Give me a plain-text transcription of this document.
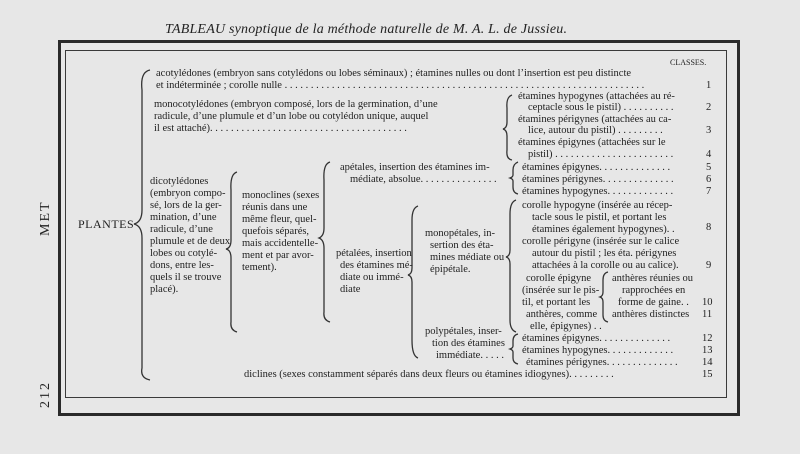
TABLEAU synoptique de la méthode naturelle de M. A. L. de Jussieu.
MET
212
CLASSES.
PLANTES
acotylédones (embryon sans cotylédons ou lobes séminaux) ; étamines nulles ou dont l’insertion est peu distincte
et indéterminée ; corolle nulle . . . . . . . . . . . . . . . . . . . . . . . . . . . . . . . . . . . . . . . . . . . . . . . . . . . . . . . . . . . . . . . . . . . . .
monocotylédones (embryon composé, lors de la germination, d’une
radicule, d’une plumule et d’un lobe ou cotylédon unique, auquel
il est attaché). . . . . . . . . . . . . . . . . . . . . . . . . . . . . . . . . . . . . .
étamines hypogynes (attachées au ré-
ceptacle sous le pistil) . . . . . . . . . .
étamines périgynes (attachées au ca-
lice, autour du pistil) . . . . . . . . .
étamines épigynes (attachées sur le
pistil) . . . . . . . . . . . . . . . . . . . . . . .
dicotylédones
(embryon compo-
sé, lors de la ger-
mination, d’une
radicule, d’une
plumule et de deux
lobes ou cotylé-
dons, entre les-
quels il se trouve
placé).
monoclines (sexes
réunis dans une
même fleur, quel-
quefois séparés,
mais accidentelle-
ment et par avor-
tement).
apétales, insertion des étamines im-
médiate, absolue. . . . . . . . . . . . . . .
étamines épigynes. . . . . . . . . . . . . .
étamines périgynes. . . . . . . . . . . . . .
étamines hypogynes. . . . . . . . . . . . .
pétalées, insertion
des étamines mé-
diate ou immé-
diate
monopétales, in-
sertion des éta-
mines médiate ou
épipétale.
corolle hypogyne (insérée au récep-
tacle sous le pistil, et portant les
étamines également hypogynes). .
corolle périgyne (insérée sur le calice
autour du pistil ; les éta. périgynes
attachées à la corolle ou au calice).
corolle épigyne
(insérée sur le pis-
til, et portant les
anthères, comme
elle, épigynes) . .
anthères réunies ou
rapprochées en
forme de gaine. .
anthères distinctes
polypétales, inser-
tion des étamines
immédiate. . . . .
étamines épigynes. . . . . . . . . . . . . .
étamines hypogynes. . . . . . . . . . . . .
étamines périgynes. . . . . . . . . . . . . .
diclines (sexes constamment séparés dans deux fleurs ou étamines idiogynes). . . . . . . . .
1
2
3
4
5
6
7
8
9
10
11
12
13
14
15
